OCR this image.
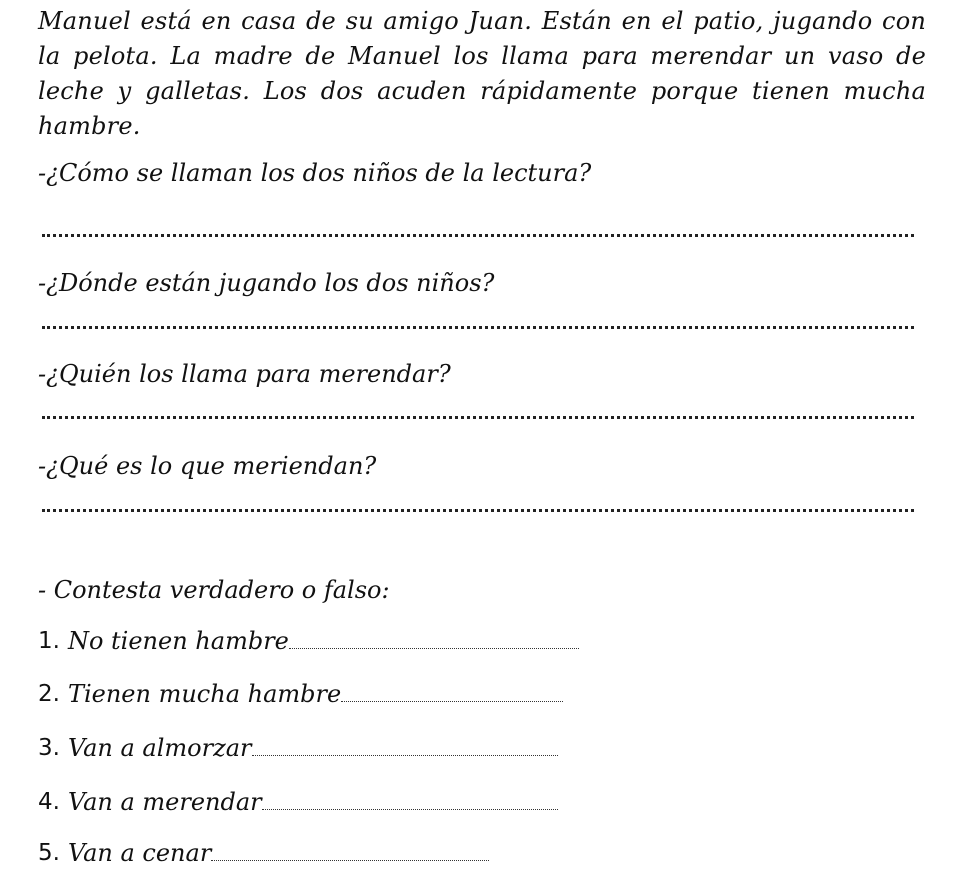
Manuel está en casa de su amigo Juan. Están en el patio, jugando con la pelota. La madre de Manuel los llama para merendar un vaso de leche y galletas. Los dos acuden rápidamente porque tienen mucha hambre.

-¿Cómo se llaman los dos niños de la lectura?

-¿Dónde están jugando los dos niños?

-¿Quién los llama para merendar?

-¿Qué es lo que meriendan?

- Contesta verdadero o falso:

1. No tienen hambre
2. Tienen mucha hambre
3. Van a almorzar
4. Van a merendar
5. Van a cenar
